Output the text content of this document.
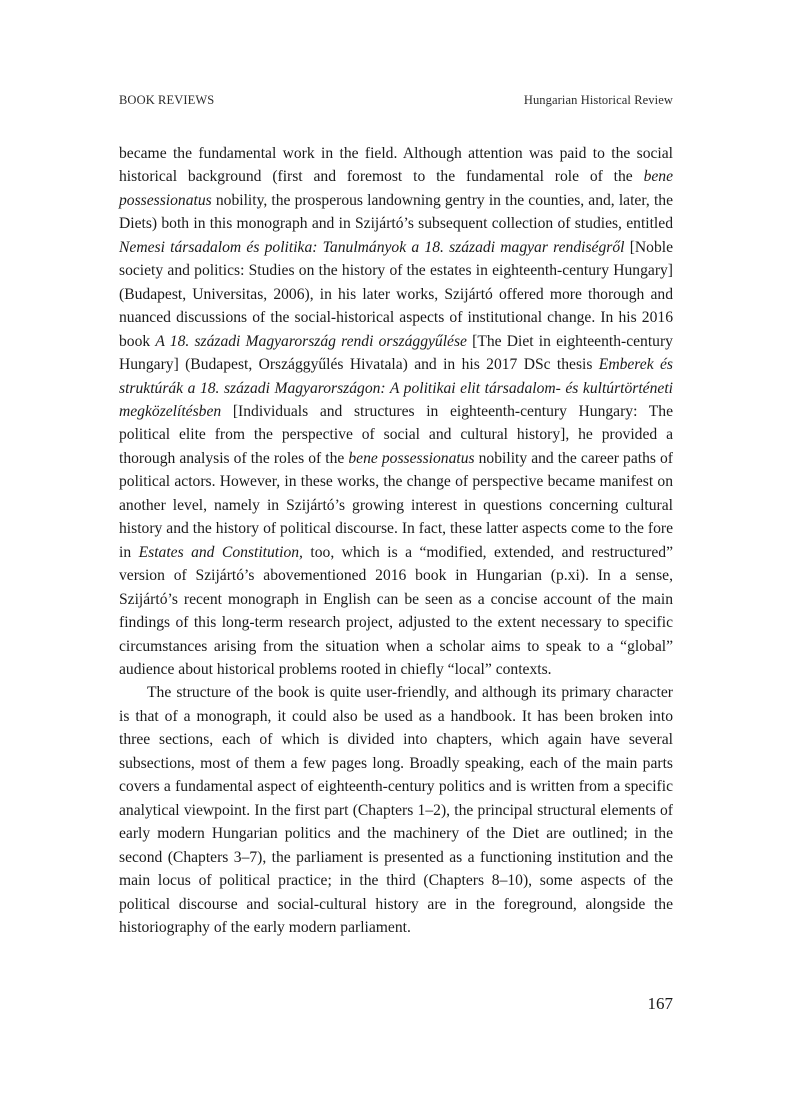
BOOK REVIEWS	Hungarian Historical Review

became the fundamental work in the field. Although attention was paid to the social historical background (first and foremost to the fundamental role of the bene possessionatus nobility, the prosperous landowning gentry in the counties, and, later, the Diets) both in this monograph and in Szijártó’s subsequent collection of studies, entitled Nemesi társadalom és politika: Tanulmányok a 18. századi magyar rendiségről [Noble society and politics: Studies on the history of the estates in eighteenth-century Hungary] (Budapest, Universitas, 2006), in his later works, Szijártó offered more thorough and nuanced discussions of the social-historical aspects of institutional change. In his 2016 book A 18. századi Magyarország rendi országgyűlése [The Diet in eighteenth-century Hungary] (Budapest, Országgyűlés Hivatala) and in his 2017 DSc thesis Emberek és struktúrák a 18. századi Magyarországon: A politikai elit társadalom- és kultúrtörténeti megközelítésben [Individuals and structures in eighteenth-century Hungary: The political elite from the perspective of social and cultural history], he provided a thorough analysis of the roles of the bene possessionatus nobility and the career paths of political actors. However, in these works, the change of perspective became manifest on another level, namely in Szijártó’s growing interest in questions concerning cultural history and the history of political discourse. In fact, these latter aspects come to the fore in Estates and Constitution, too, which is a “modified, extended, and restructured” version of Szijártó’s abovementioned 2016 book in Hungarian (p.xi). In a sense, Szijártó’s recent monograph in English can be seen as a concise account of the main findings of this long-term research project, adjusted to the extent necessary to specific circumstances arising from the situation when a scholar aims to speak to a “global” audience about historical problems rooted in chiefly “local” contexts.

The structure of the book is quite user-friendly, and although its primary character is that of a monograph, it could also be used as a handbook. It has been broken into three sections, each of which is divided into chapters, which again have several subsections, most of them a few pages long. Broadly speaking, each of the main parts covers a fundamental aspect of eighteenth-century politics and is written from a specific analytical viewpoint. In the first part (Chapters 1–2), the principal structural elements of early modern Hungarian politics and the machinery of the Diet are outlined; in the second (Chapters 3–7), the parliament is presented as a functioning institution and the main locus of political practice; in the third (Chapters 8–10), some aspects of the political discourse and social-cultural history are in the foreground, alongside the historiography of the early modern parliament.

167
